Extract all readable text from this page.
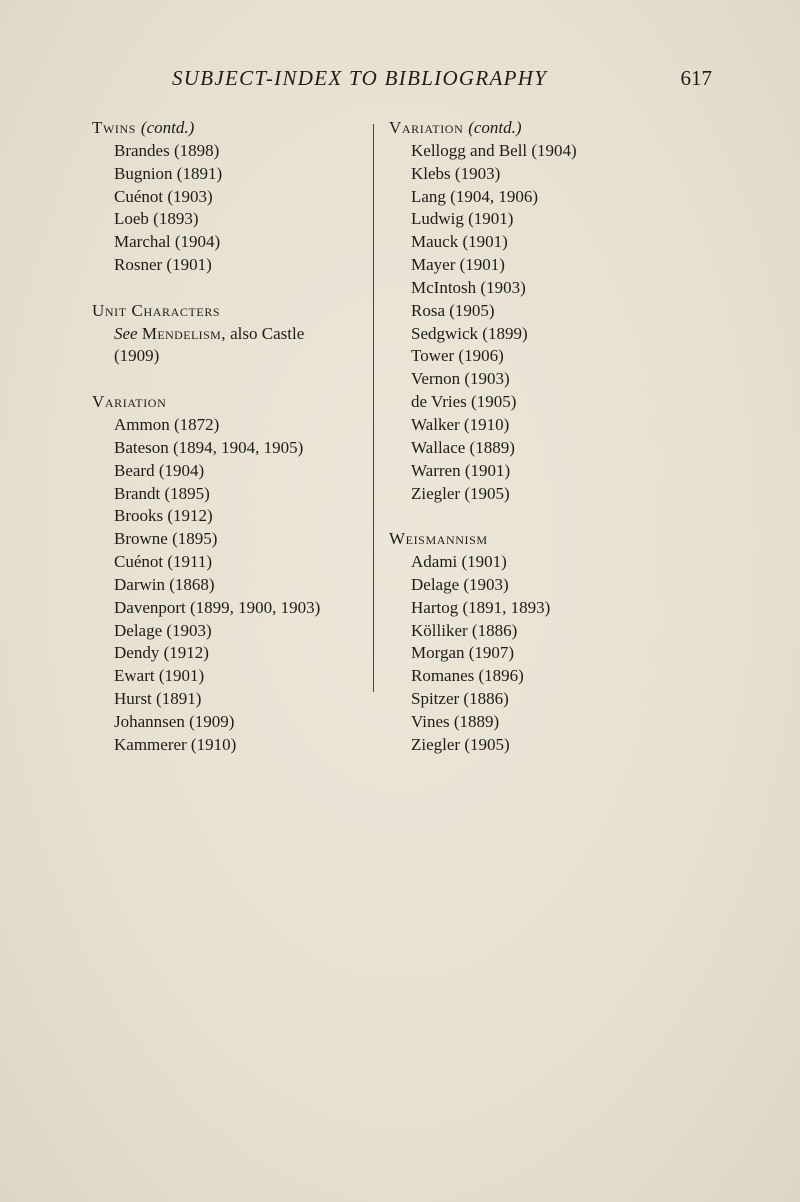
SUBJECT-INDEX TO BIBLIOGRAPHY	617
Twins (contd.)
Brandes (1898)
Bugnion (1891)
Cuénot (1903)
Loeb (1893)
Marchal (1904)
Rosner (1901)
Unit Characters
See Mendelism, also Castle
(1909)
Variation
Ammon (1872)
Bateson (1894, 1904, 1905)
Beard (1904)
Brandt (1895)
Brooks (1912)
Browne (1895)
Cuénot (1911)
Darwin (1868)
Davenport (1899, 1900, 1903)
Delage (1903)
Dendy (1912)
Ewart (1901)
Hurst (1891)
Johannsen (1909)
Kammerer (1910)
Variation (contd.)
Kellogg and Bell (1904)
Klebs (1903)
Lang (1904, 1906)
Ludwig (1901)
Mauck (1901)
Mayer (1901)
McIntosh (1903)
Rosa (1905)
Sedgwick (1899)
Tower (1906)
Vernon (1903)
de Vries (1905)
Walker (1910)
Wallace (1889)
Warren (1901)
Ziegler (1905)
Weismannism
Adami (1901)
Delage (1903)
Hartog (1891, 1893)
Kölliker (1886)
Morgan (1907)
Romanes (1896)
Spitzer (1886)
Vines (1889)
Ziegler (1905)
